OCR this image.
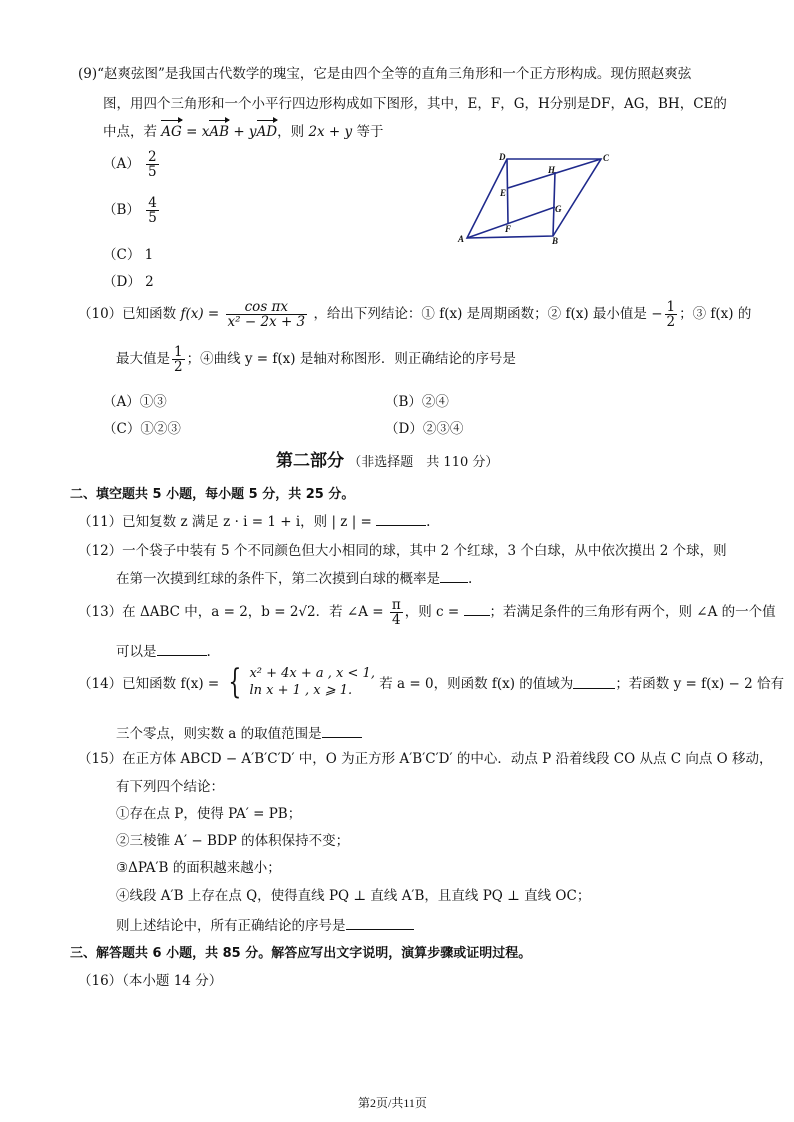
(9)“赵爽弦图”是我国古代数学的瑰宝，它是由四个全等的直角三角形和一个正方形构成。现仿照赵爽弦
图，用四个三角形和一个小平行四边形构成如下图形，其中，E，F，G，H分别是DF，AG，BH，CE的
中点，若 AG = xAB + yAD，则 2x + y 等于
$(A) \frac{2}{5}$
$(B) \frac{4}{5}$
（C） 1
（D） 2
D	C
H
E
G
F
A	B
（10）已知函数 $f(x) = \frac{\text{cos πx}}{\text{x² − 2x + 3}}$ ，给出下列结论：① f(x) 是周期函数；② f(x) 最小值是 − $\frac{1}{2}$ ；③ f(x) 的
最大值是 $\frac{1}{2}$ ；④曲线 y = f(x) 是轴对称图形．则正确结论的序号是
（A）①③	（B）②④
（C）①②③	（D）②③④
第二部分 （非选择题　共 110 分）
二、填空题共 5 小题，每小题 5 分，共 25 分。
（11）已知复数 z 满足 z · i = 1 + i，则 | z | =	.
（12）一个袋子中装有 5 个不同颜色但大小相同的球，其中 2 个红球，3 个白球，从中依次摸出 2 个球，则
在第一次摸到红球的条件下，第二次摸到白球的概率是 .
（13）在 ΔABC 中，a = 2，b = 2√2．若 ∠A = $\frac{\pi}{4}$ ，则 c = ；若满足条件的三角形有两个，则 ∠A 的一个值
可以是	.
（14）已知函数 f(x) = { x² + 4x + a , x < 1,
ln x + 1 , x ⩾ 1.	若 a = 0，则函数 f(x) 的值域为	；若函数 y = f(x) − 2 恰有
三个零点，则实数 a 的取值范围是
（15）在正方体 ABCD − A′B′C′D′ 中，O 为正方形 A′B′C′D′ 的中心．动点 P 沿着线段 CO 从点 C 向点 O 移动，
有下列四个结论：
①存在点 P，使得 PA′ = PB；
②三棱锥 A′ − BDP 的体积保持不变；
③ΔPA′B 的面积越来越小；
④线段 A′B 上存在点 Q，使得直线 PQ ⊥ 直线 A′B，且直线 PQ ⊥ 直线 OC；
则上述结论中，所有正确结论的序号是
三、解答题共 6 小题，共 85 分。解答应写出文字说明，演算步骤或证明过程。
（16）（本小题 14 分）
第2页/共11页
